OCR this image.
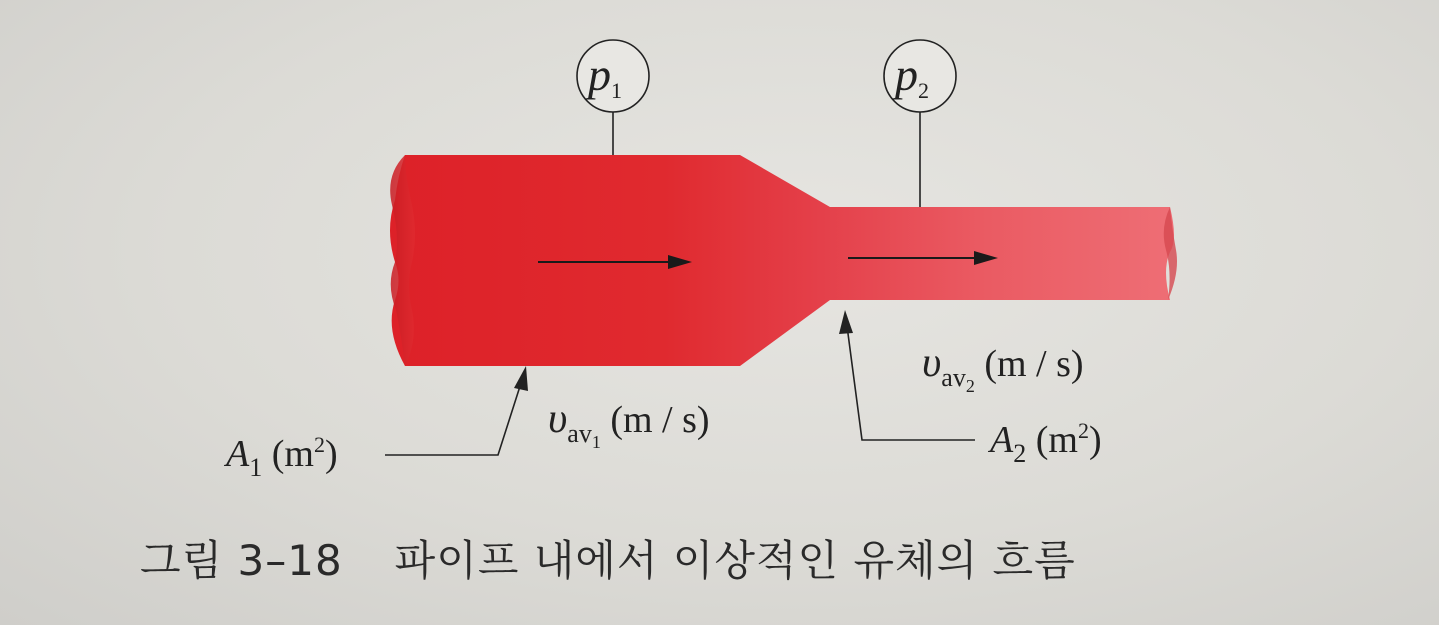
$p_1$	$p_2$
$A_1$ $(m^2)$	$A_2$ $(m^2)$
$\upsilon_{av_1}$ (m / s)
$\upsilon_{av_2}$ (m / s)
그림 3–18 파이프 내에서 이상적인 유체의 흐름
